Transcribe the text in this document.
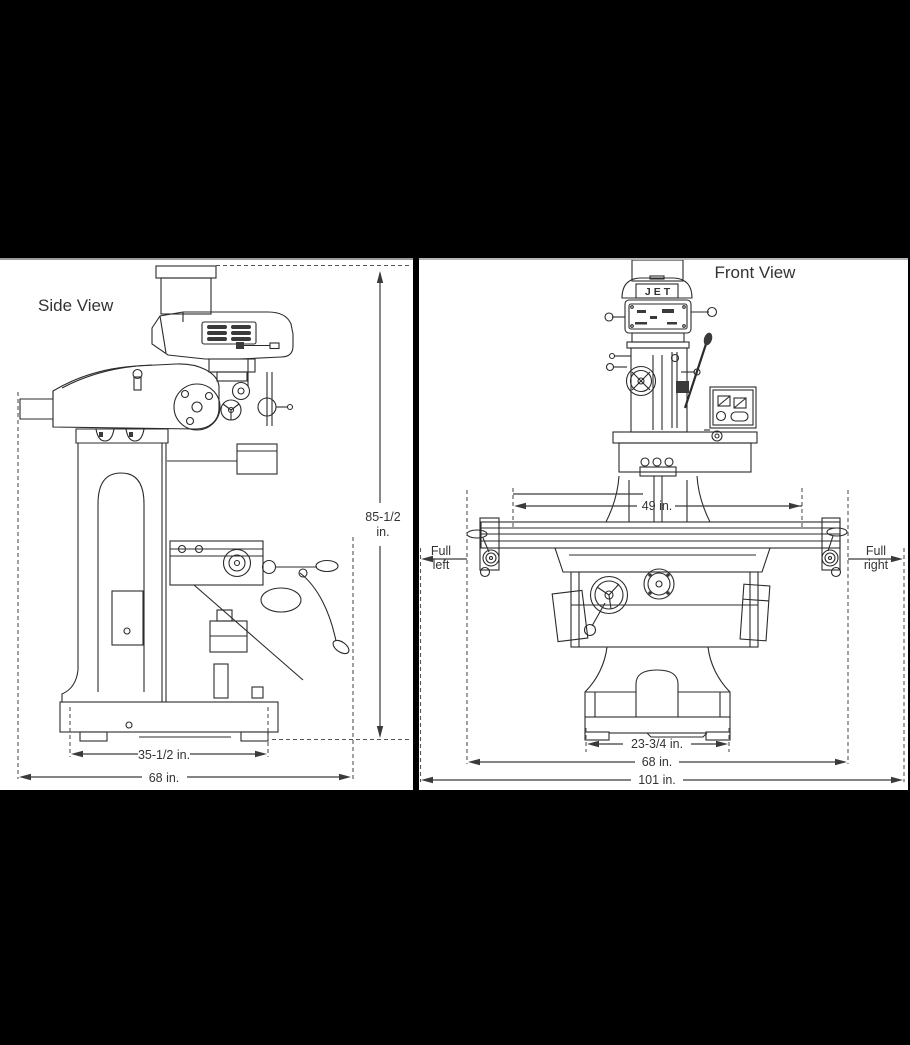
Side View
85-1/2
in.
35-1/2 in.
68 in.
Front View
JET
49 in.
Full
left
Full
right
23-3/4 in.
68 in.
101 in.
